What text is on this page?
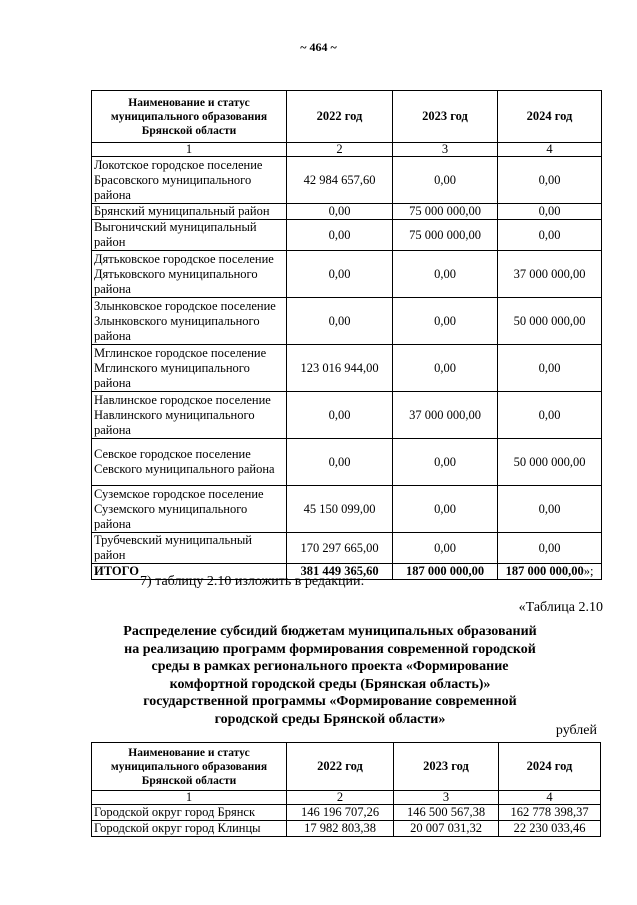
~ 464 ~
Наименование и статус муниципального образования Брянской области	2022 год	2023 год	2024 год
1	2	3	4
Локотское городское поселение Брасовского муниципального района	42 984 657,60	0,00	0,00
Брянский муниципальный район	0,00	75 000 000,00	0,00
Выгоничский муниципальный район	0,00	75 000 000,00	0,00
Дятьковское городское поселение Дятьковского муниципального района	0,00	0,00	37 000 000,00
Злынковское городское поселение Злынковского муниципального района	0,00	0,00	50 000 000,00
Мглинское городское поселение Мглинского муниципального района	123 016 944,00	0,00	0,00
Навлинское городское поселение Навлинского муниципального района	0,00	37 000 000,00	0,00
Севское городское поселение Севского муниципального района	0,00	0,00	50 000 000,00
Суземское городское поселение Суземского муниципального района	45 150 099,00	0,00	0,00
Трубчевский муниципальный район	170 297 665,00	0,00	0,00
ИТОГО	381 449 365,60	187 000 000,00	187 000 000,00»;
7) таблицу 2.10 изложить в редакции:
«Таблица 2.10
Распределение субсидий бюджетам муниципальных образований на реализацию программ формирования современной городской среды в рамках регионального проекта «Формирование комфортной городской среды (Брянская область)» государственной программы «Формирование современной городской среды Брянской области»
рублей
Наименование и статус муниципального образования Брянской области	2022 год	2023 год	2024 год
1	2	3	4
Городской округ город Брянск	146 196 707,26	146 500 567,38	162 778 398,37
Городской округ город Клинцы	17 982 803,38	20 007 031,32	22 230 033,46
